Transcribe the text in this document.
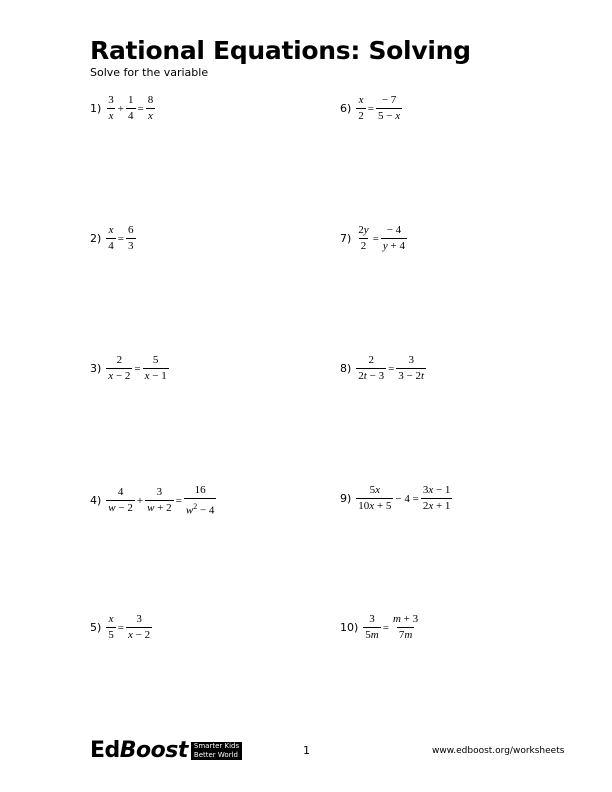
Rational Equations: Solving
Solve for the variable
$1) \frac{3}{x} + \frac{1}{4} = \frac{8}{x}$	$6) \frac{x}{2} = \frac{- 7}{5 - x}$
$2) \frac{x}{4} = \frac{6}{3}$	$7) \frac{2y}{2} = \frac{- 4}{y + 4}$
$3) \frac{2}{x - 2} = \frac{5}{x - 1}$	$8) \frac{2}{2t - 3} = \frac{3}{3 - 2t}$
$4) \frac{4}{w - 2} + \frac{3}{w + 2} = \frac{16}{w^2 - 4}$	$9) \frac{5x}{10x + 5} - 4 = \frac{3x - 1}{2x + 1}$
$5) \frac{x}{5} = \frac{3}{x - 2}$	$10) \frac{3}{5m} = \frac{m + 3}{7m}$
Ed Boost Smarter Kids
Better World	1	www.edboost.org/worksheets
